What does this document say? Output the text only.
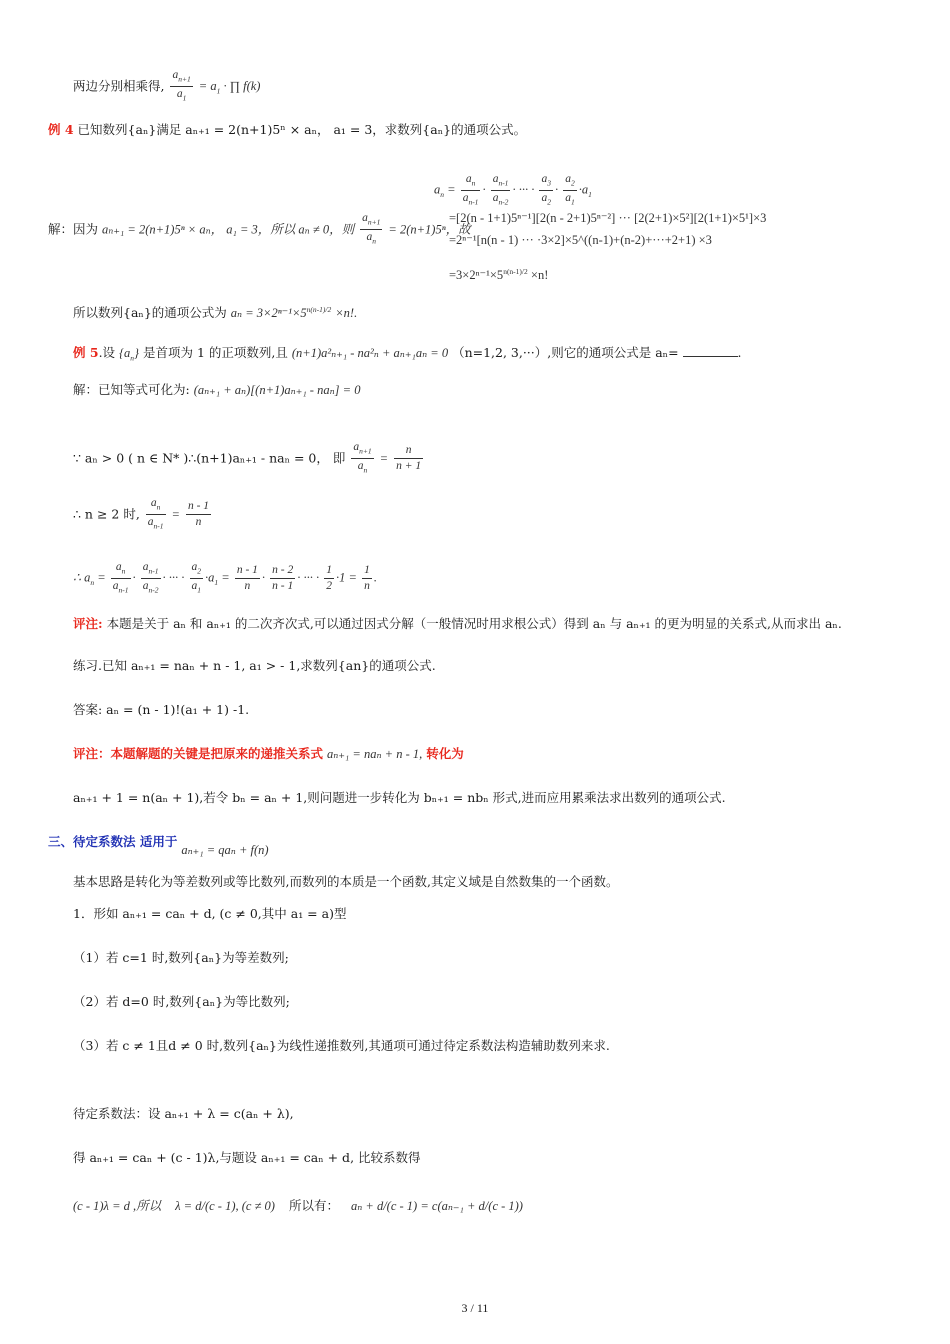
两边分别相乘得, $\frac{a_{n+1}}{a_1} = a_1$ · ∏ f(k)
例 4 已知数列{aₙ}满足 aₙ₊₁ = 2(n+1)5ⁿ × aₙ， a₁ = 3，求数列{aₙ}的通项公式。
$a_n = \frac{a_n}{a_{n-1}} \cdot \frac{a_{n-1}}{a_{n-2}}$ · ··· · $\frac{a_3}{a_2} \cdot \frac{a_2}{a_1} \cdot a_1$
解：因为 aₙ₊₁ = 2(n+1)5ⁿ × aₙ， a₁ = 3，所以 aₙ ≠ 0，则 $\frac{a_{n+1}}{a_n} = 2(n+1)5^n$，故
=[2(n - 1+1)5ⁿ⁻¹][2(n - 2+1)5ⁿ⁻²] ··· [2(2+1)×5²][2(1+1)×5¹]×3
=2ⁿ⁻¹[n(n - 1) ··· ·3×2]×5^((n-1)+(n-2)+···+2+1) ×3
$=3\times 2^{n-1}\times 5^{n(n-1)/2} \times n$!
所以数列{aₙ}的通项公式为 $a_n = 3\times 2^{n-1}\times 5^{n(n-1)/2} \times n$!.
例 5.设 $\{a_n\}$ 是首项为 1 的正项数列,且 (n+1)a²ₙ₊₁ - na²ₙ + aₙ₊₁aₙ = 0 （n=1,2, 3,···）,则它的通项公式是 aₙ=	.
解：已知等式可化为: (aₙ₊₁ + aₙ)[(n+1)aₙ₊₁ - naₙ] = 0
∵ aₙ > 0 ( n ∈ N* )∴(n+1)aₙ₊₁ - naₙ = 0， 即 $\frac{a_{n+1}}{a_n} = \frac{n}{n + 1}$
∴ n ≥ 2 时, $\frac{a_n}{a_{n-1}} = \frac{n - 1}{n}$
∴ $a_n = \frac{a_n}{a_{n-1}} \cdot \frac{a_{n-1}}{a_{n-2}}$ · ··· · $\frac{a_2}{a_1} \cdot a_1 = \frac{n - 1}{n} \cdot \frac{n - 2}{n - 1}$ · ··· · $\frac{1}{2} \cdot 1 = \frac{1}{n}$ .
评注: 本题是关于 aₙ 和 aₙ₊₁ 的二次齐次式,可以通过因式分解（一般情况时用求根公式）得到 aₙ 与 aₙ₊₁ 的更为明显的关系式,从而求出 aₙ.
练习.已知 aₙ₊₁ = naₙ + n - 1, a₁ > - 1,求数列{an}的通项公式.
答案: aₙ = (n - 1)!(a₁ + 1) -1.
评注：本题解题的关键是把原来的递推关系式 aₙ₊₁ = naₙ + n - 1, 转化为
aₙ₊₁ + 1 = n(aₙ + 1),若令 bₙ = aₙ + 1,则问题进一步转化为 bₙ₊₁ = nbₙ 形式,进而应用累乘法求出数列的通项公式.
三、待定系数法 适用于 aₙ₊₁ = qaₙ + f(n)
基本思路是转化为等差数列或等比数列,而数列的本质是一个函数,其定义域是自然数集的一个函数。
1．形如 aₙ₊₁ = caₙ + d, (c ≠ 0,其中 a₁ = a)型
（1）若 c=1 时,数列{aₙ}为等差数列;
（2）若 d=0 时,数列{aₙ}为等比数列;
（3）若 c ≠ 1且d ≠ 0 时,数列{aₙ}为线性递推数列,其通项可通过待定系数法构造辅助数列来求.
待定系数法：设 aₙ₊₁ + λ = c(aₙ + λ),
得 aₙ₊₁ = caₙ + (c - 1)λ,与题设 aₙ₊₁ = caₙ + d, 比较系数得
(c - 1)λ = d ,所以 λ = d/(c - 1), (c ≠ 0) 所以有： aₙ + d/(c - 1) = c(aₙ₋₁ + d/(c - 1))
3 / 11
